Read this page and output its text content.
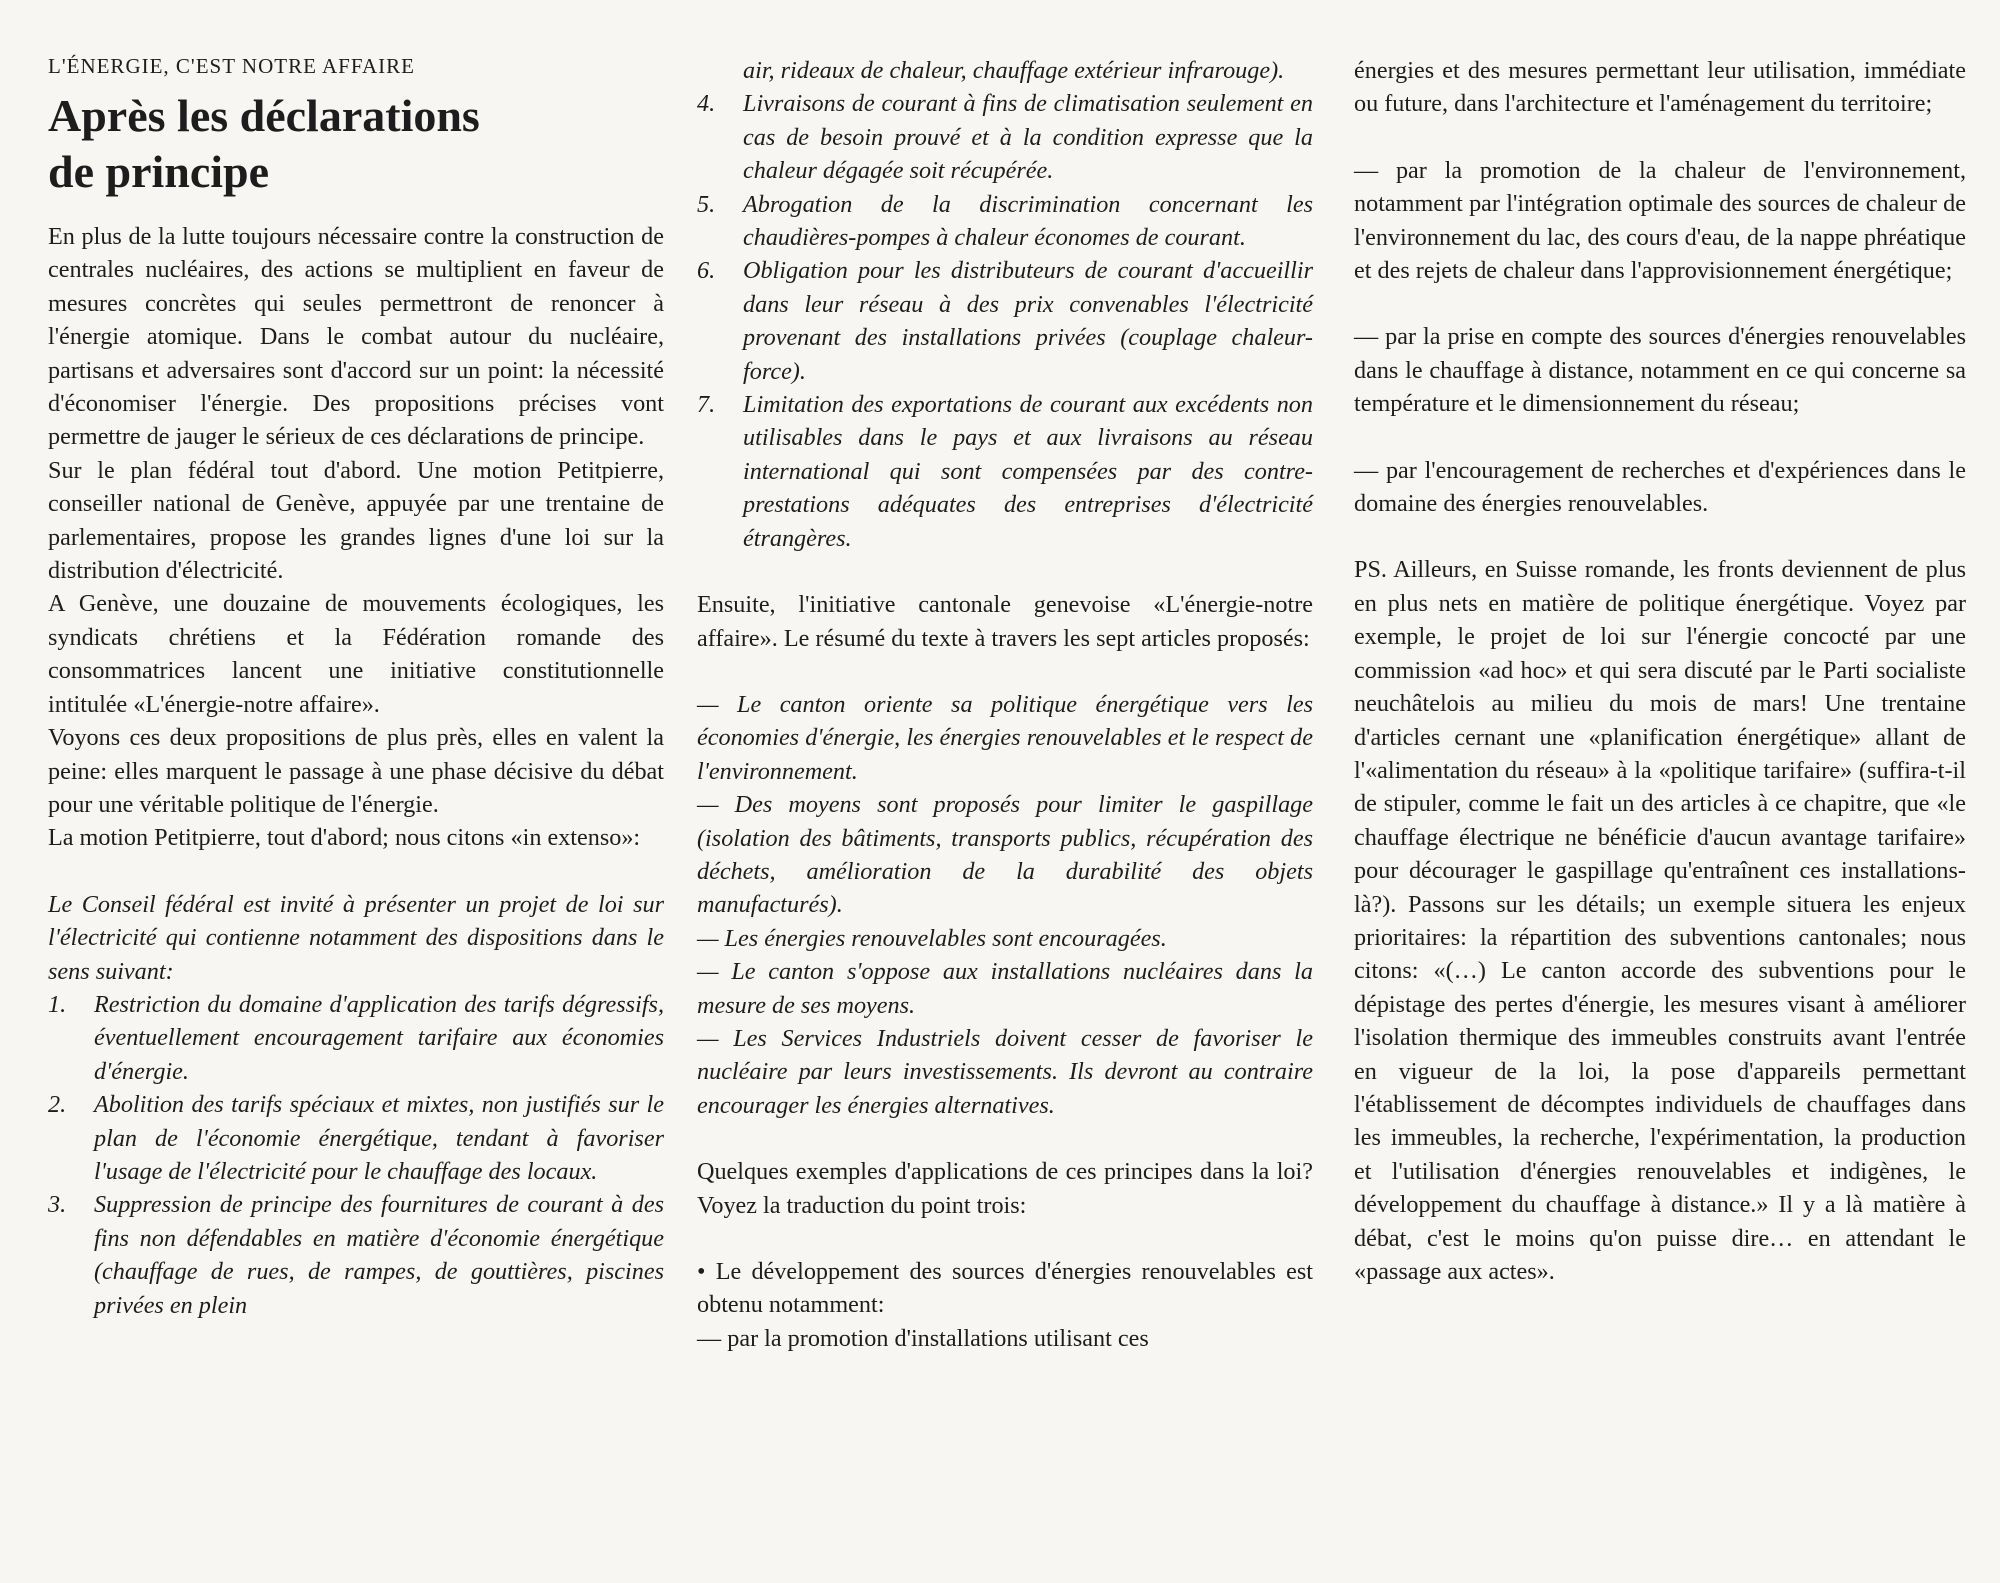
L'ÉNERGIE, C'EST NOTRE AFFAIRE
Après les déclarations
de principe

En plus de la lutte toujours nécessaire contre la construction de centrales nucléaires, des actions se multiplient en faveur de mesures concrètes qui seules permettront de renoncer à l'énergie atomique. Dans le combat autour du nucléaire, partisans et adversaires sont d'accord sur un point: la nécessité d'économiser l'énergie. Des propositions précises vont permettre de jauger le sérieux de ces déclarations de principe.

Sur le plan fédéral tout d'abord. Une motion Petitpierre, conseiller national de Genève, appuyée par une trentaine de parlementaires, propose les grandes lignes d'une loi sur la distribution d'électricité.

A Genève, une douzaine de mouvements écologiques, les syndicats chrétiens et la Fédération romande des consommatrices lancent une initiative constitutionnelle intitulée «L'énergie-notre affaire».

Voyons ces deux propositions de plus près, elles en valent la peine: elles marquent le passage à une phase décisive du débat pour une véritable politique de l'énergie.

La motion Petitpierre, tout d'abord; nous citons «in extenso»:

Le Conseil fédéral est invité à présenter un projet de loi sur l'électricité qui contienne notamment des dispositions dans le sens suivant:

1.	Restriction du domaine d'application des tarifs dégressifs, éventuellement encouragement tarifaire aux économies d'énergie.
2.	Abolition des tarifs spéciaux et mixtes, non justifiés sur le plan de l'économie énergétique, tendant à favoriser l'usage de l'électricité pour le chauffage des locaux.
3.	Suppression de principe des fournitures de courant à des fins non défendables en matière d'économie énergétique (chauffage de rues, de rampes, de gouttières, piscines privées en plein

air, rideaux de chaleur, chauffage extérieur infrarouge).

4.	Livraisons de courant à fins de climatisation seulement en cas de besoin prouvé et à la condition expresse que la chaleur dégagée soit récupérée.
5.	Abrogation de la discrimination concernant les chaudières-pompes à chaleur économes de courant.
6.	Obligation pour les distributeurs de courant d'accueillir dans leur réseau à des prix convenables l'électricité provenant des installations privées (couplage chaleur-force).
7.	Limitation des exportations de courant aux excédents non utilisables dans le pays et aux livraisons au réseau international qui sont compensées par des contre-prestations adéquates des entreprises d'électricité étrangères.

Ensuite, l'initiative cantonale genevoise «L'énergie-notre affaire». Le résumé du texte à travers les sept articles proposés:

— Le canton oriente sa politique énergétique vers les économies d'énergie, les énergies renouvelables et le respect de l'environnement.

— Des moyens sont proposés pour limiter le gaspillage (isolation des bâtiments, transports publics, récupération des déchets, amélioration de la durabilité des objets manufacturés).

— Les énergies renouvelables sont encouragées.

— Le canton s'oppose aux installations nucléaires dans la mesure de ses moyens.

— Les Services Industriels doivent cesser de favoriser le nucléaire par leurs investissements. Ils devront au contraire encourager les énergies alternatives.

Quelques exemples d'applications de ces principes dans la loi? Voyez la traduction du point trois:

• Le développement des sources d'énergies renouvelables est obtenu notamment:

— par la promotion d'installations utilisant ces

énergies et des mesures permettant leur utilisation, immédiate ou future, dans l'architecture et l'aménagement du territoire;

— par la promotion de la chaleur de l'environnement, notamment par l'intégration optimale des sources de chaleur de l'environnement du lac, des cours d'eau, de la nappe phréatique et des rejets de chaleur dans l'approvisionnement énergétique;

— par la prise en compte des sources d'énergies renouvelables dans le chauffage à distance, notamment en ce qui concerne sa température et le dimensionnement du réseau;

— par l'encouragement de recherches et d'expériences dans le domaine des énergies renouvelables.

PS. Ailleurs, en Suisse romande, les fronts deviennent de plus en plus nets en matière de politique énergétique. Voyez par exemple, le projet de loi sur l'énergie concocté par une commission «ad hoc» et qui sera discuté par le Parti socialiste neuchâtelois au milieu du mois de mars! Une trentaine d'articles cernant une «planification énergétique» allant de l'«alimentation du réseau» à la «politique tarifaire» (suffira-t-il de stipuler, comme le fait un des articles à ce chapitre, que «le chauffage électrique ne bénéficie d'aucun avantage tarifaire» pour décourager le gaspillage qu'entraînent ces installations-là?). Passons sur les détails; un exemple situera les enjeux prioritaires: la répartition des subventions cantonales; nous citons: «(…) Le canton accorde des subventions pour le dépistage des pertes d'énergie, les mesures visant à améliorer l'isolation thermique des immeubles construits avant l'entrée en vigueur de la loi, la pose d'appareils permettant l'établissement de décomptes individuels de chauffages dans les immeubles, la recherche, l'expérimentation, la production et l'utilisation d'énergies renouvelables et indigènes, le développement du chauffage à distance.» Il y a là matière à débat, c'est le moins qu'on puisse dire… en attendant le «passage aux actes».
